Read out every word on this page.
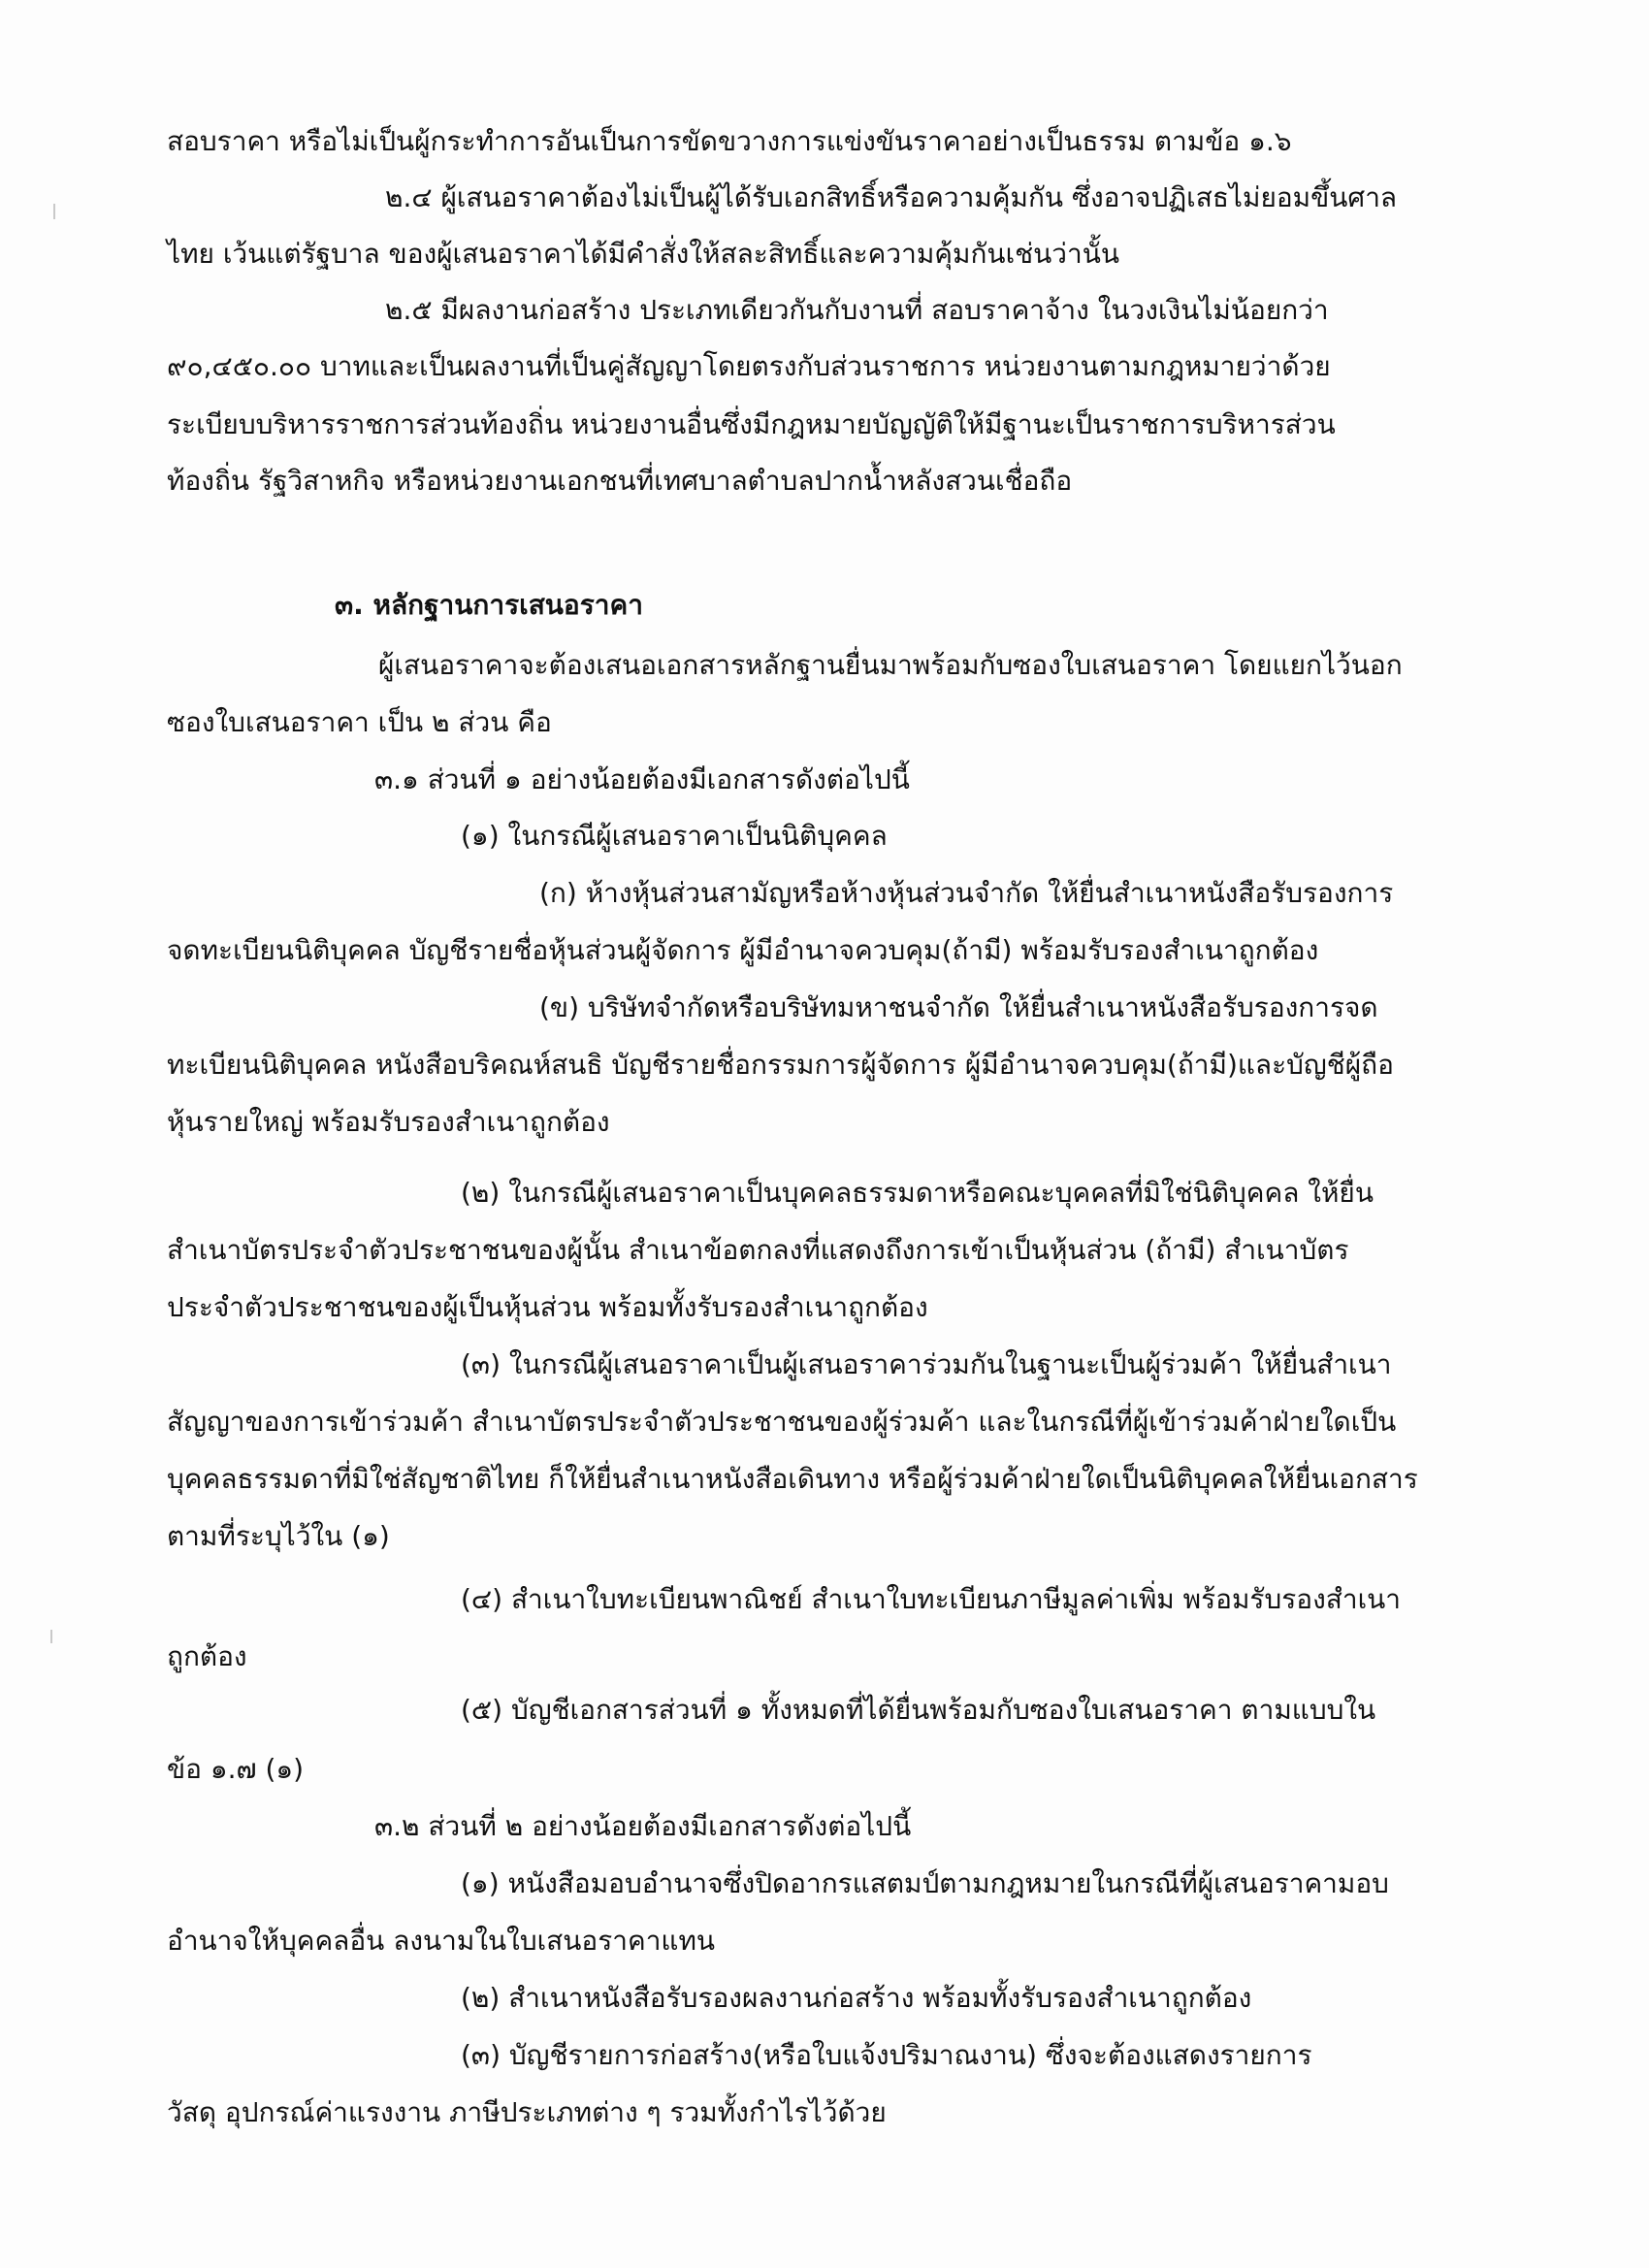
สอบราคา หรือไม่เป็นผู้กระทำการอันเป็นการขัดขวางการแข่งขันราคาอย่างเป็นธรรม ตามข้อ ๑.๖
๒.๔ ผู้เสนอราคาต้องไม่เป็นผู้ได้รับเอกสิทธิ์หรือความคุ้มกัน ซึ่งอาจปฏิเสธไม่ยอมขึ้นศาล
ไทย เว้นแต่รัฐบาล ของผู้เสนอราคาได้มีคำสั่งให้สละสิทธิ์และความคุ้มกันเช่นว่านั้น
๒.๕ มีผลงานก่อสร้าง ประเภทเดียวกันกับงานที่ สอบราคาจ้าง ในวงเงินไม่น้อยกว่า
๙๐,๔๕๐.๐๐ บาทและเป็นผลงานที่เป็นคู่สัญญาโดยตรงกับส่วนราชการ หน่วยงานตามกฎหมายว่าด้วย
ระเบียบบริหารราชการส่วนท้องถิ่น หน่วยงานอื่นซึ่งมีกฎหมายบัญญัติให้มีฐานะเป็นราชการบริหารส่วน
ท้องถิ่น รัฐวิสาหกิจ หรือหน่วยงานเอกชนที่เทศบาลตำบลปากน้ำหลังสวนเชื่อถือ
๓. หลักฐานการเสนอราคา
ผู้เสนอราคาจะต้องเสนอเอกสารหลักฐานยื่นมาพร้อมกับซองใบเสนอราคา โดยแยกไว้นอก
ซองใบเสนอราคา เป็น ๒ ส่วน คือ
๓.๑ ส่วนที่ ๑ อย่างน้อยต้องมีเอกสารดังต่อไปนี้
(๑) ในกรณีผู้เสนอราคาเป็นนิติบุคคล
(ก) ห้างหุ้นส่วนสามัญหรือห้างหุ้นส่วนจำกัด ให้ยื่นสำเนาหนังสือรับรองการ
จดทะเบียนนิติบุคคล บัญชีรายชื่อหุ้นส่วนผู้จัดการ ผู้มีอำนาจควบคุม(ถ้ามี) พร้อมรับรองสำเนาถูกต้อง
(ข) บริษัทจำกัดหรือบริษัทมหาชนจำกัด ให้ยื่นสำเนาหนังสือรับรองการจด
ทะเบียนนิติบุคคล หนังสือบริคณห์สนธิ บัญชีรายชื่อกรรมการผู้จัดการ ผู้มีอำนาจควบคุม(ถ้ามี)และบัญชีผู้ถือ
หุ้นรายใหญ่ พร้อมรับรองสำเนาถูกต้อง
(๒) ในกรณีผู้เสนอราคาเป็นบุคคลธรรมดาหรือคณะบุคคลที่มิใช่นิติบุคคล ให้ยื่น
สำเนาบัตรประจำตัวประชาชนของผู้นั้น สำเนาข้อตกลงที่แสดงถึงการเข้าเป็นหุ้นส่วน (ถ้ามี) สำเนาบัตร
ประจำตัวประชาชนของผู้เป็นหุ้นส่วน พร้อมทั้งรับรองสำเนาถูกต้อง
(๓) ในกรณีผู้เสนอราคาเป็นผู้เสนอราคาร่วมกันในฐานะเป็นผู้ร่วมค้า ให้ยื่นสำเนา
สัญญาของการเข้าร่วมค้า สำเนาบัตรประจำตัวประชาชนของผู้ร่วมค้า และในกรณีที่ผู้เข้าร่วมค้าฝ่ายใดเป็น
บุคคลธรรมดาที่มิใช่สัญชาติไทย ก็ให้ยื่นสำเนาหนังสือเดินทาง หรือผู้ร่วมค้าฝ่ายใดเป็นนิติบุคคลให้ยื่นเอกสาร
ตามที่ระบุไว้ใน (๑)
(๔) สำเนาใบทะเบียนพาณิชย์ สำเนาใบทะเบียนภาษีมูลค่าเพิ่ม พร้อมรับรองสำเนา
ถูกต้อง
(๕) บัญชีเอกสารส่วนที่ ๑ ทั้งหมดที่ได้ยื่นพร้อมกับซองใบเสนอราคา ตามแบบใน
ข้อ ๑.๗ (๑)
๓.๒ ส่วนที่ ๒ อย่างน้อยต้องมีเอกสารดังต่อไปนี้
(๑) หนังสือมอบอำนาจซึ่งปิดอากรแสตมป์ตามกฎหมายในกรณีที่ผู้เสนอราคามอบ
อำนาจให้บุคคลอื่น ลงนามในใบเสนอราคาแทน
(๒) สำเนาหนังสือรับรองผลงานก่อสร้าง พร้อมทั้งรับรองสำเนาถูกต้อง
(๓) บัญชีรายการก่อสร้าง(หรือใบแจ้งปริมาณงาน) ซึ่งจะต้องแสดงรายการ
วัสดุ อุปกรณ์ค่าแรงงาน ภาษีประเภทต่าง ๆ รวมทั้งกำไรไว้ด้วย
